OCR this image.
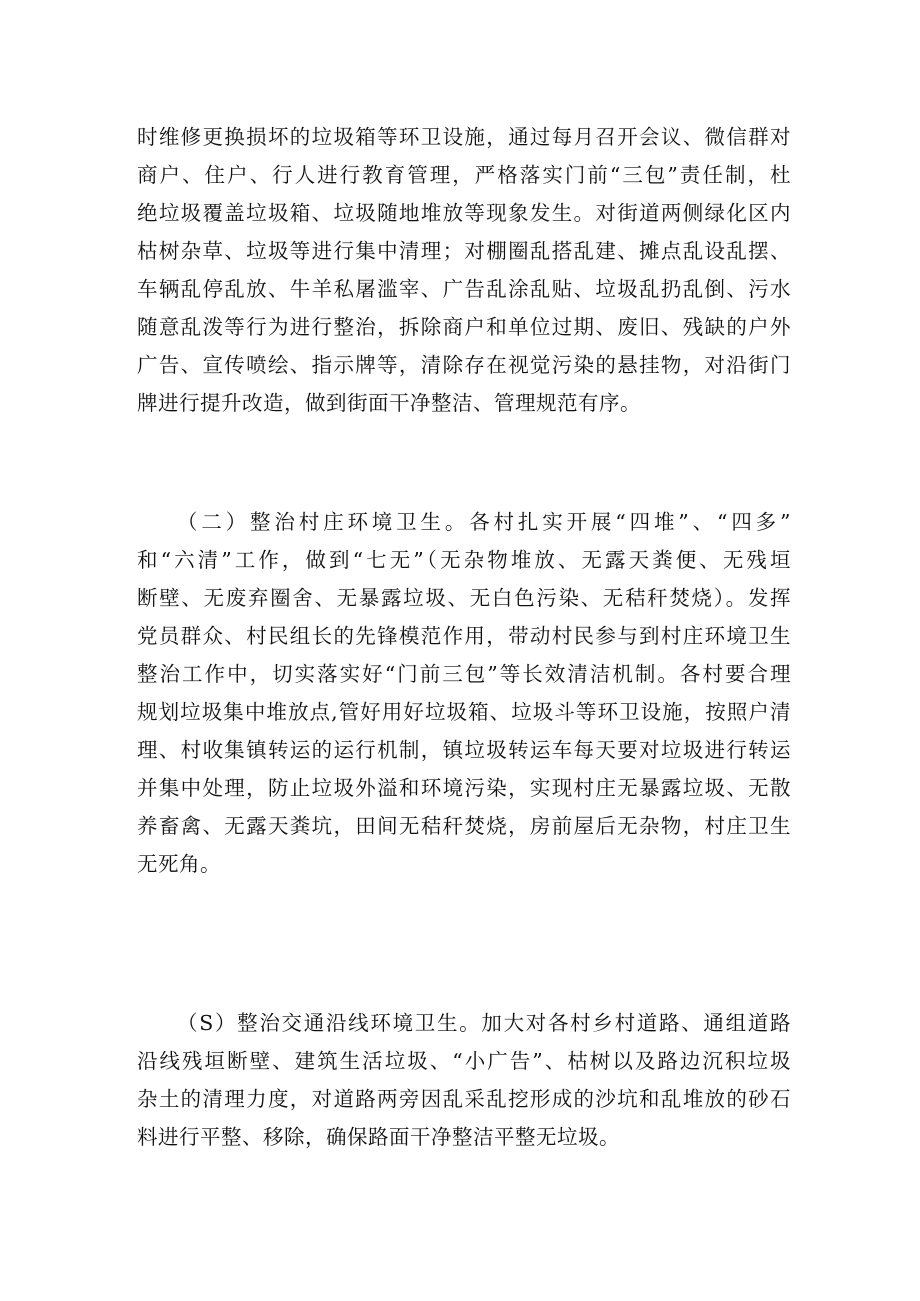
时维修更换损坏的垃圾箱等环卫设施，通过每月召开会议、微信群对
商户、住户、行人进行教育管理，严格落实门前“三包”责任制，杜
绝垃圾覆盖垃圾箱、垃圾随地堆放等现象发生。对街道两侧绿化区内
枯树杂草、垃圾等进行集中清理；对棚圈乱搭乱建、摊点乱设乱摆、
车辆乱停乱放、牛羊私屠滥宰、广告乱涂乱贴、垃圾乱扔乱倒、污水
随意乱泼等行为进行整治，拆除商户和单位过期、废旧、残缺的户外
广告、宣传喷绘、指示牌等，清除存在视觉污染的悬挂物，对沿街门
牌进行提升改造，做到街面干净整洁、管理规范有序。
（二）整治村庄环境卫生。各村扎实开展“四堆”、“四多”
和“六清”工作，做到“七无”（无杂物堆放、无露天粪便、无残垣
断壁、无废弃圈舍、无暴露垃圾、无白色污染、无秸秆焚烧）。发挥
党员群众、村民组长的先锋模范作用，带动村民参与到村庄环境卫生
整治工作中，切实落实好“门前三包”等长效清洁机制。各村要合理
规划垃圾集中堆放点,管好用好垃圾箱、垃圾斗等环卫设施，按照户清
理、村收集镇转运的运行机制，镇垃圾转运车每天要对垃圾进行转运
并集中处理，防止垃圾外溢和环境污染，实现村庄无暴露垃圾、无散
养畜禽、无露天粪坑，田间无秸秆焚烧，房前屋后无杂物，村庄卫生
无死角。
（S）整治交通沿线环境卫生。加大对各村乡村道路、通组道路
沿线残垣断壁、建筑生活垃圾、“小广告”、枯树以及路边沉积垃圾
杂土的清理力度，对道路两旁因乱采乱挖形成的沙坑和乱堆放的砂石
料进行平整、移除，确保路面干净整洁平整无垃圾。
